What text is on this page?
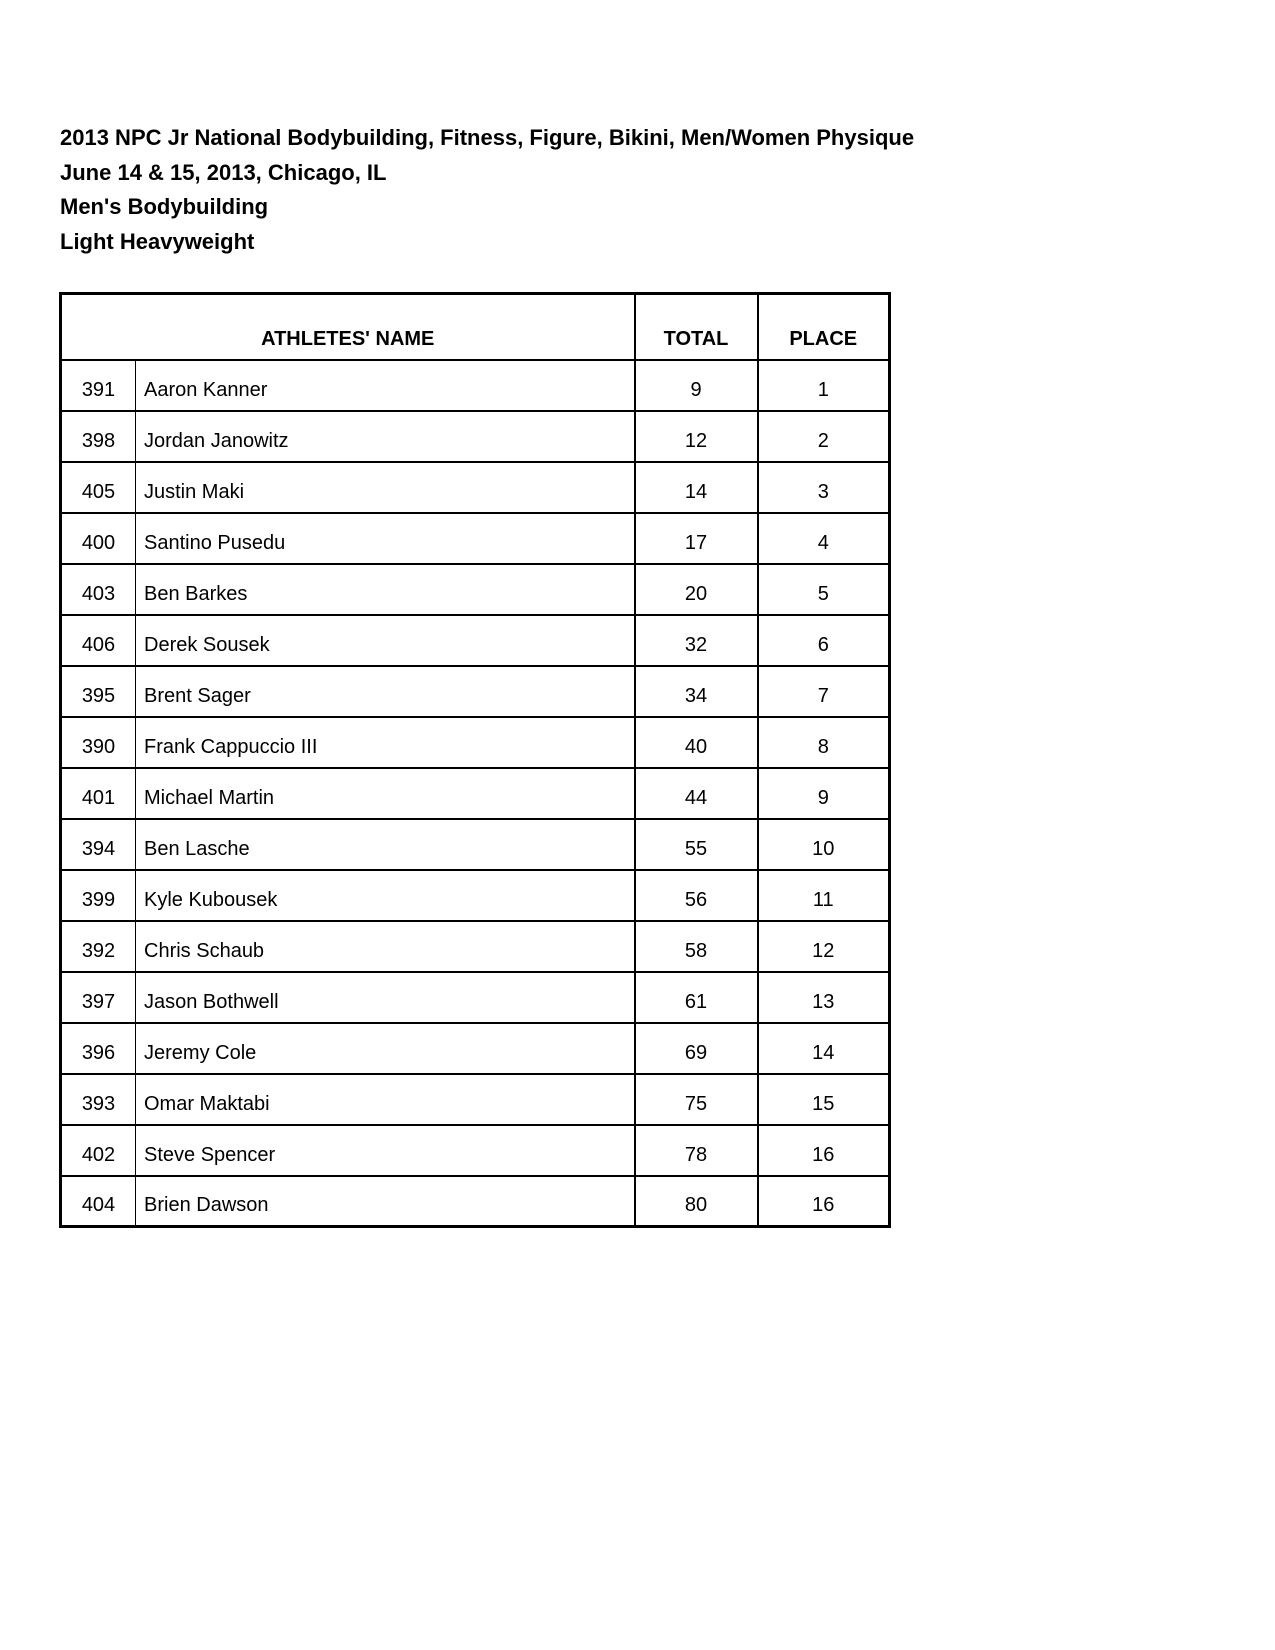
2013 NPC Jr National Bodybuilding, Fitness, Figure, Bikini, Men/Women Physique
June 14 & 15, 2013, Chicago, IL
Men's Bodybuilding
Light Heavyweight
ATHLETES' NAME		TOTAL	PLACE
391	Aaron Kanner	9	1
398	Jordan Janowitz	12	2
405	Justin Maki	14	3
400	Santino Pusedu	17	4
403	Ben Barkes	20	5
406	Derek Sousek	32	6
395	Brent Sager	34	7
390	Frank Cappuccio III	40	8
401	Michael Martin	44	9
394	Ben Lasche	55	10
399	Kyle Kubousek	56	11
392	Chris Schaub	58	12
397	Jason Bothwell	61	13
396	Jeremy Cole	69	14
393	Omar Maktabi	75	15
402	Steve Spencer	78	16
404	Brien Dawson	80	16
